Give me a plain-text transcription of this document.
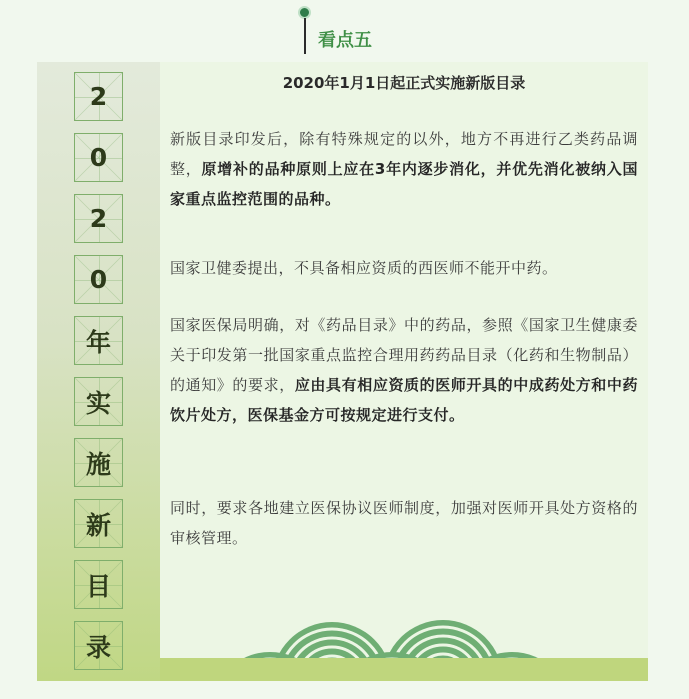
看点五
2
0
2
0
年
实
施
新
目
录
2020年1月1日起正式实施新版目录
新版目录印发后，除有特殊规定的以外，地方不再进行乙类药品调整，原增补的品种原则上应在3年内逐步消化，并优先消化被纳入国家重点监控范围的品种。
国家卫健委提出，不具备相应资质的西医师不能开中药。
国家医保局明确，对《药品目录》中的药品，参照《国家卫生健康委关于印发第一批国家重点监控合理用药药品目录（化药和生物制品）的通知》的要求，应由具有相应资质的医师开具的中成药处方和中药饮片处方，医保基金方可按规定进行支付。
同时，要求各地建立医保协议医师制度，加强对医师开具处方资格的审核管理。
